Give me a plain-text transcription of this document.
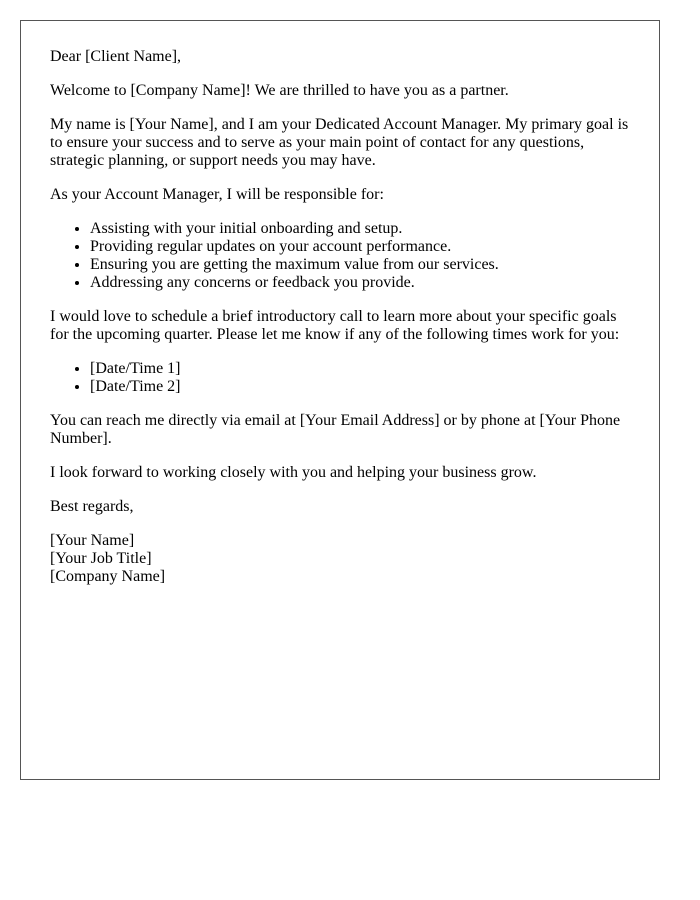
Dear [Client Name],

Welcome to [Company Name]! We are thrilled to have you as a partner.

My name is [Your Name], and I am your Dedicated Account Manager. My primary goal is to ensure your success and to serve as your main point of contact for any questions, strategic planning, or support needs you may have.

As your Account Manager, I will be responsible for:

• Assisting with your initial onboarding and setup.
• Providing regular updates on your account performance.
• Ensuring you are getting the maximum value from our services.
• Addressing any concerns or feedback you provide.

I would love to schedule a brief introductory call to learn more about your specific goals for the upcoming quarter. Please let me know if any of the following times work for you:

• [Date/Time 1]
• [Date/Time 2]

You can reach me directly via email at [Your Email Address] or by phone at [Your Phone Number].

I look forward to working closely with you and helping your business grow.

Best regards,

[Your Name]
[Your Job Title]
[Company Name]
